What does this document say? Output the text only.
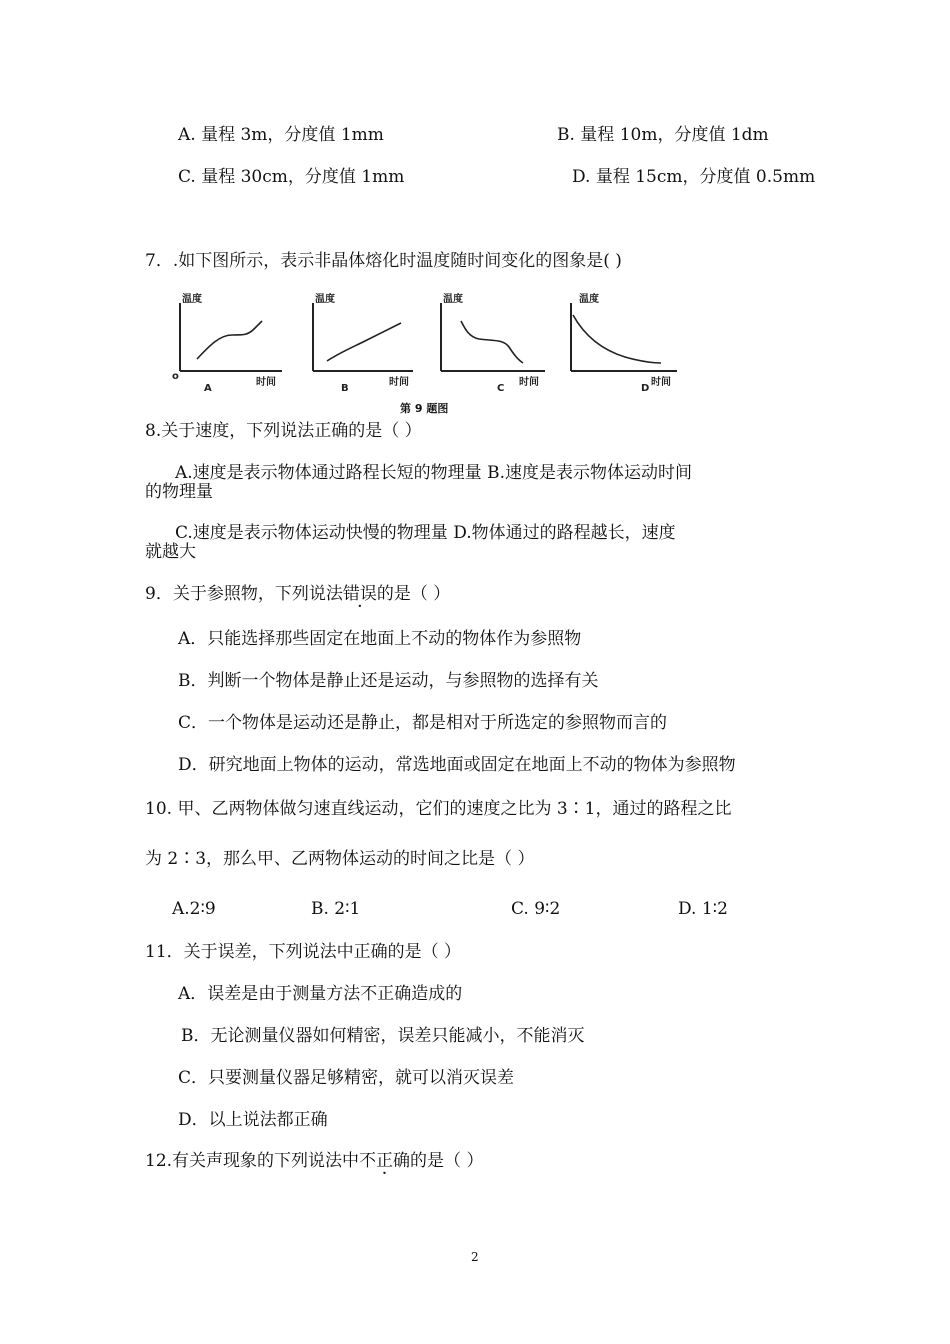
A. 量程 3m，分度值 1mm	B. 量程 10m，分度值 1dm
C. 量程 30cm，分度值 1mm	D. 量程 15cm，分度值 0.5mm
7．.如下图所示，表示非晶体熔化时温度随时间变化的图象是( )
温度
o
时间
A
温度
时间
B
温度
时间
C
温度
时间
D
第 9 题图
8.关于速度，下列说法正确的是（ ）
A.速度是表示物体通过路程长短的物理量 B.速度是表示物体运动时间
的物理量
C.速度是表示物体运动快慢的物理量 D.物体通过的路程越长，速度
就越大
9．关于参照物，下列说法错误的是（ ）
A．只能选择那些固定在地面上不动的物体作为参照物
B．判断一个物体是静止还是运动，与参照物的选择有关
C．一个物体是运动还是静止，都是相对于所选定的参照物而言的
D．研究地面上物体的运动，常选地面或固定在地面上不动的物体为参照物
10. 甲、乙两物体做匀速直线运动，它们的速度之比为 3∶1，通过的路程之比
为 2∶3，那么甲、乙两物体运动的时间之比是（ ）
A.2∶9	B. 2∶1	C. 9∶2	D. 1∶2
11．关于误差，下列说法中正确的是（ ）
A．误差是由于测量方法不正确造成的
B．无论测量仪器如何精密，误差只能减小，不能消灭
C．只要测量仪器足够精密，就可以消灭误差
D．以上说法都正确
12.有关声现象的下列说法中不正确的是（ ）
2
